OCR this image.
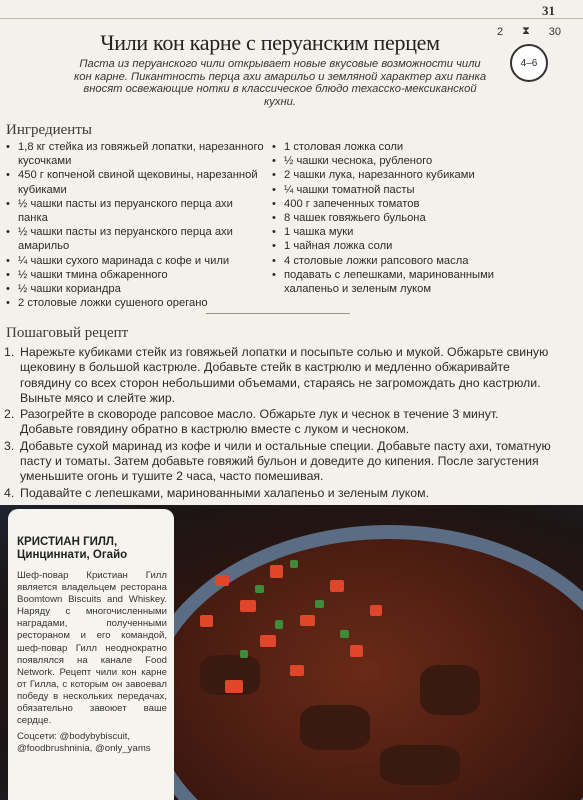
31
Чили кон карне с перуанским перцем
Паста из перуанского чили открывает новые вкусовые возможности чили кон карне. Пикантность перца ахи амарильо и земляной характер ахи панка вносят освежающие нотки в классическое блюдо техасско-мексиканской кухни.
2 ⧗ 30
4–6
Ингредиенты
• 1,8 кг стейка из говяжьей лопатки, нарезанного кусочками
• 450 г копченой свиной щековины, нарезанной кубиками
• ½ чашки пасты из перуанского перца ахи панка
• ½ чашки пасты из перуанского перца ахи амарильо
• ¼ чашки сухого маринада с кофе и чили
• ½ чашки тмина обжаренного
• ½ чашки кориандра
• 2 столовые ложки сушеного орегано
• 1 столовая ложка соли
• ½ чашки чеснока, рубленого
• 2 чашки лука, нарезанного кубиками
• ¼ чашки томатной пасты
• 400 г запеченных томатов
• 8 чашек говяжьего бульона
• 1 чашка муки
• 1 чайная ложка соли
• 4 столовые ложки рапсового масла
• подавать с лепешками, маринованными халапеньо и зеленым луком
Пошаговый рецепт
1. Нарежьте кубиками стейк из говяжьей лопатки и посыпьте солью и мукой. Обжарьте свиную щековину в большой кастрюле. Добавьте стейк в кастрюлю и медленно обжаривайте говядину со всех сторон небольшими объемами, стараясь не загромождать дно кастрюли. Выньте мясо и слейте жир.
2. Разогрейте в сковороде рапсовое масло. Обжарьте лук и чеснок в течение 3 минут. Добавьте говядину обратно в кастрюлю вместе с луком и чесноком.
3. Добавьте сухой маринад из кофе и чили и остальные специи. Добавьте пасту ахи, томатную пасту и томаты. Затем добавьте говяжий бульон и доведите до кипения. После загустения уменьшите огонь и тушите 2 часа, часто помешивая.
4. Подавайте с лепешками, маринованными халапеньо и зеленым луком.
КРИСТИАН ГИЛЛ,
Цинциннати, Огайо
Шеф-повар Кристиан Гилл является владельцем ресторана Boomtown Biscuits and Whiskey. Наряду с многочисленными наградами, полученными рестораном и его командой, шеф-повар Гилл неоднократно появлялся на канале Food Network. Рецепт чили кон карне от Гилла, с которым он завоевал победу в нескольких передачах, обязательно завоюет ваше сердце.
Соцсети: @bodybybiscuit, @foodbrushninia, @only_yams
